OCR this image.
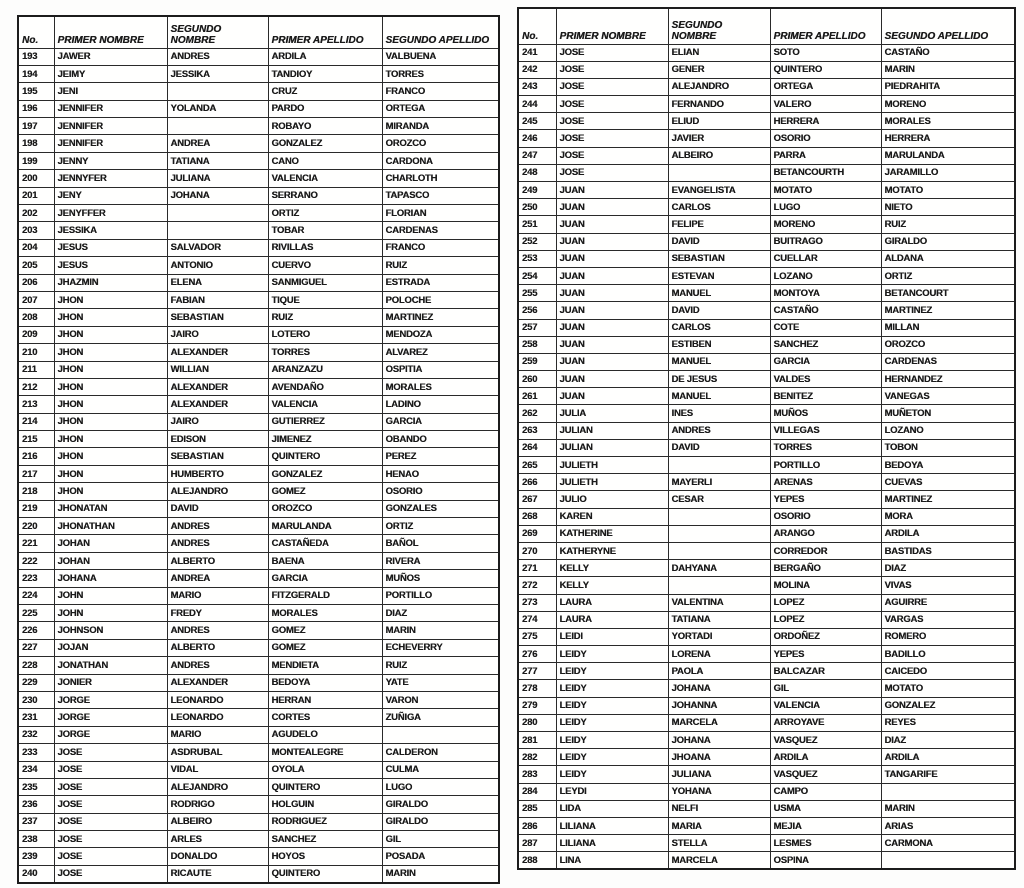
No.	PRIMER NOMBRE	SEGUNDO NOMBRE	PRIMER APELLIDO	SEGUNDO APELLIDO
193	JAWER	ANDRES	ARDILA	VALBUENA
194	JEIMY	JESSIKA	TANDIOY	TORRES
195	JENI		CRUZ	FRANCO
196	JENNIFER	YOLANDA	PARDO	ORTEGA
197	JENNIFER		ROBAYO	MIRANDA
198	JENNIFER	ANDREA	GONZALEZ	OROZCO
199	JENNY	TATIANA	CANO	CARDONA
200	JENNYFER	JULIANA	VALENCIA	CHARLOTH
201	JENY	JOHANA	SERRANO	TAPASCO
202	JENYFFER		ORTIZ	FLORIAN
203	JESSIKA		TOBAR	CARDENAS
204	JESUS	SALVADOR	RIVILLAS	FRANCO
205	JESUS	ANTONIO	CUERVO	RUIZ
206	JHAZMIN	ELENA	SANMIGUEL	ESTRADA
207	JHON	FABIAN	TIQUE	POLOCHE
208	JHON	SEBASTIAN	RUIZ	MARTINEZ
209	JHON	JAIRO	LOTERO	MENDOZA
210	JHON	ALEXANDER	TORRES	ALVAREZ
211	JHON	WILLIAN	ARANZAZU	OSPITIA
212	JHON	ALEXANDER	AVENDAÑO	MORALES
213	JHON	ALEXANDER	VALENCIA	LADINO
214	JHON	JAIRO	GUTIERREZ	GARCIA
215	JHON	EDISON	JIMENEZ	OBANDO
216	JHON	SEBASTIAN	QUINTERO	PEREZ
217	JHON	HUMBERTO	GONZALEZ	HENAO
218	JHON	ALEJANDRO	GOMEZ	OSORIO
219	JHONATAN	DAVID	OROZCO	GONZALES
220	JHONATHAN	ANDRES	MARULANDA	ORTIZ
221	JOHAN	ANDRES	CASTAÑEDA	BAÑOL
222	JOHAN	ALBERTO	BAENA	RIVERA
223	JOHANA	ANDREA	GARCIA	MUÑOS
224	JOHN	MARIO	FITZGERALD	PORTILLO
225	JOHN	FREDY	MORALES	DIAZ
226	JOHNSON	ANDRES	GOMEZ	MARIN
227	JOJAN	ALBERTO	GOMEZ	ECHEVERRY
228	JONATHAN	ANDRES	MENDIETA	RUIZ
229	JONIER	ALEXANDER	BEDOYA	YATE
230	JORGE	LEONARDO	HERRAN	VARON
231	JORGE	LEONARDO	CORTES	ZUÑIGA
232	JORGE	MARIO	AGUDELO	
233	JOSE	ASDRUBAL	MONTEALEGRE	CALDERON
234	JOSE	VIDAL	OYOLA	CULMA
235	JOSE	ALEJANDRO	QUINTERO	LUGO
236	JOSE	RODRIGO	HOLGUIN	GIRALDO
237	JOSE	ALBEIRO	RODRIGUEZ	GIRALDO
238	JOSE	ARLES	SANCHEZ	GIL
239	JOSE	DONALDO	HOYOS	POSADA
240	JOSE	RICAUTE	QUINTERO	MARIN
No.	PRIMER NOMBRE	SEGUNDO NOMBRE	PRIMER APELLIDO	SEGUNDO APELLIDO
241	JOSE	ELIAN	SOTO	CASTAÑO
242	JOSE	GENER	QUINTERO	MARIN
243	JOSE	ALEJANDRO	ORTEGA	PIEDRAHITA
244	JOSE	FERNANDO	VALERO	MORENO
245	JOSE	ELIUD	HERRERA	MORALES
246	JOSE	JAVIER	OSORIO	HERRERA
247	JOSE	ALBEIRO	PARRA	MARULANDA
248	JOSE		BETANCOURTH	JARAMILLO
249	JUAN	EVANGELISTA	MOTATO	MOTATO
250	JUAN	CARLOS	LUGO	NIETO
251	JUAN	FELIPE	MORENO	RUIZ
252	JUAN	DAVID	BUITRAGO	GIRALDO
253	JUAN	SEBASTIAN	CUELLAR	ALDANA
254	JUAN	ESTEVAN	LOZANO	ORTIZ
255	JUAN	MANUEL	MONTOYA	BETANCOURT
256	JUAN	DAVID	CASTAÑO	MARTINEZ
257	JUAN	CARLOS	COTE	MILLAN
258	JUAN	ESTIBEN	SANCHEZ	OROZCO
259	JUAN	MANUEL	GARCIA	CARDENAS
260	JUAN	DE JESUS	VALDES	HERNANDEZ
261	JUAN	MANUEL	BENITEZ	VANEGAS
262	JULIA	INES	MUÑOS	MUÑETON
263	JULIAN	ANDRES	VILLEGAS	LOZANO
264	JULIAN	DAVID	TORRES	TOBON
265	JULIETH		PORTILLO	BEDOYA
266	JULIETH	MAYERLI	ARENAS	CUEVAS
267	JULIO	CESAR	YEPES	MARTINEZ
268	KAREN		OSORIO	MORA
269	KATHERINE		ARANGO	ARDILA
270	KATHERYNE		CORREDOR	BASTIDAS
271	KELLY	DAHYANA	BERGAÑO	DIAZ
272	KELLY		MOLINA	VIVAS
273	LAURA	VALENTINA	LOPEZ	AGUIRRE
274	LAURA	TATIANA	LOPEZ	VARGAS
275	LEIDI	YORTADI	ORDOÑEZ	ROMERO
276	LEIDY	LORENA	YEPES	BADILLO
277	LEIDY	PAOLA	BALCAZAR	CAICEDO
278	LEIDY	JOHANA	GIL	MOTATO
279	LEIDY	JOHANNA	VALENCIA	GONZALEZ
280	LEIDY	MARCELA	ARROYAVE	REYES
281	LEIDY	JOHANA	VASQUEZ	DIAZ
282	LEIDY	JHOANA	ARDILA	ARDILA
283	LEIDY	JULIANA	VASQUEZ	TANGARIFE
284	LEYDI	YOHANA	CAMPO	
285	LIDA	NELFI	USMA	MARIN
286	LILIANA	MARIA	MEJIA	ARIAS
287	LILIANA	STELLA	LESMES	CARMONA
288	LINA	MARCELA	OSPINA	
